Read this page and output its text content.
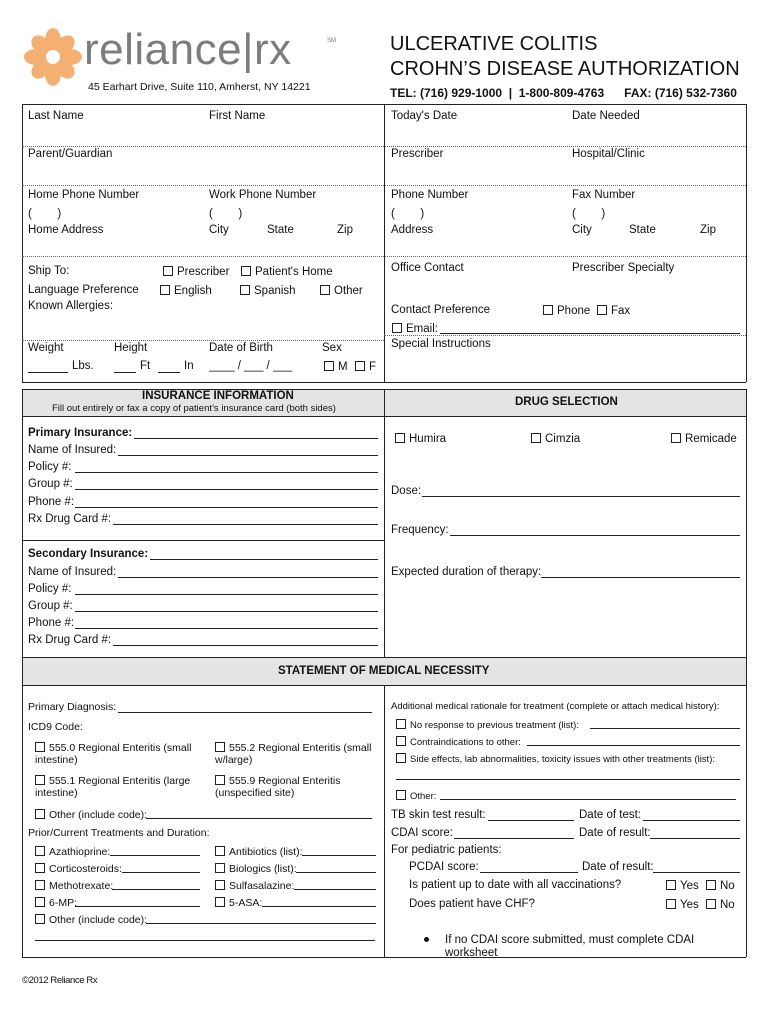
reliance|rx	SM
45 Earhart Drive, Suite 110, Amherst, NY 14221
ULCERATIVE COLITIS
CROHN’S DISEASE AUTHORIZATION
TEL: (716) 929-1000  |  1-800-809-4763      FAX: (716) 532-7360
Last Name	First Name
Parent/Guardian
Home Phone Number	Work Phone Number
(        )	(        )
Home Address	City	State	Zip
Ship To:	Prescriber	Patient's Home
Language Preference	English	Spanish	Other
Known Allergies:
Weight	Height	Date of Birth	Sex
Lbs.	Ft	In ____ / ___ / ___	M	F
Today's Date	Date Needed
Prescriber	Hospital/Clinic
Phone Number	Fax Number
(        )	(        )
Address	City	State	Zip
Office Contact	Prescriber Specialty
Contact Preference	Phone	Fax
Email:
Special Instructions
INSURANCE INFORMATION
Fill out entirely or fax a copy of patient’s insurance card (both sides)
DRUG SELECTION
Primary Insurance:
Name of Insured:
Policy #:
Group #:
Phone #:
Rx Drug Card #:
Secondary Insurance:
Name of Insured:
Policy #:
Group #:
Phone #:
Rx Drug Card #:
Humira	Cimzia	Remicade
Dose:
Frequency:
Expected duration of therapy:
STATEMENT OF MEDICAL NECESSITY
Primary Diagnosis:
ICD9 Code:
555.0 Regional Enteritis (small intestine)
555.2 Regional Enteritis (small w/large)
555.1 Regional Enteritis (large intestine)
555.9 Regional Enteritis (unspecified site)
Other (include code):
Prior/Current Treatments and Duration:
Azathioprine:	Antibiotics (list):
Corticosteroids:	Biologics (list):
Methotrexate:	Sulfasalazine:
6-MP:	5-ASA:
Other (include code):
Additional medical rationale for treatment (complete or attach medical history):
No response to previous treatment (list):
Contraindications to other:
Side effects, lab abnormalities, toxicity issues with other treatments (list):
Other:
TB skin test result:	Date of test:
CDAI score:	Date of result:
For pediatric patients:
PCDAI score:	Date of result:
Is patient up to date with all vaccinations?	Yes	No
Does patient have CHF?	Yes	No
If no CDAI score submitted, must complete CDAI worksheet
©2012 Reliance Rx
